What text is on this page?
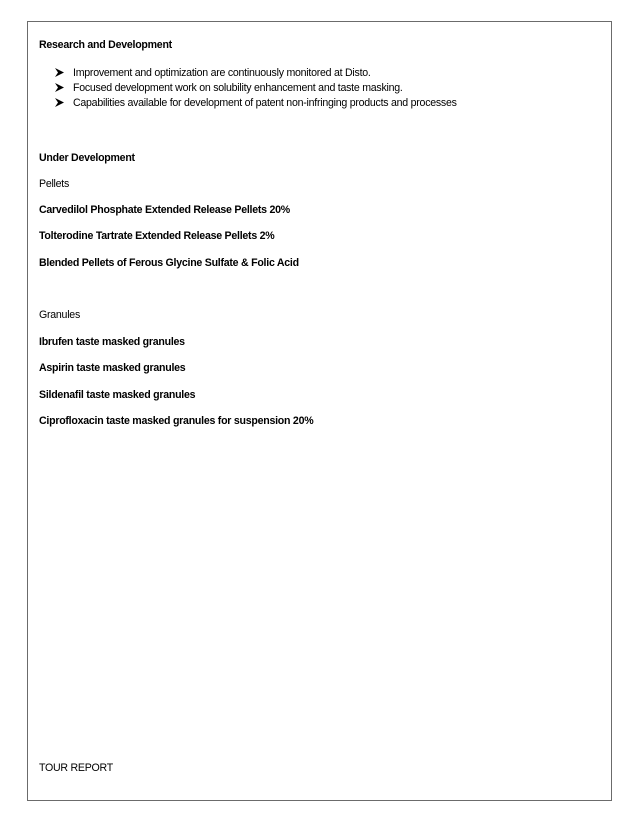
Research and Development
Improvement and optimization are continuously monitored at Disto.
Focused development work on solubility enhancement and taste masking.
Capabilities available for development of patent non-infringing products and processes
Under Development
Pellets
Carvedilol Phosphate Extended Release Pellets 20%
Tolterodine Tartrate Extended Release Pellets 2%
Blended Pellets of Ferous Glycine Sulfate & Folic Acid
Granules
Ibrufen taste masked granules
Aspirin taste masked granules
Sildenafil taste masked granules
Ciprofloxacin taste masked granules for suspension 20%
TOUR REPORT
